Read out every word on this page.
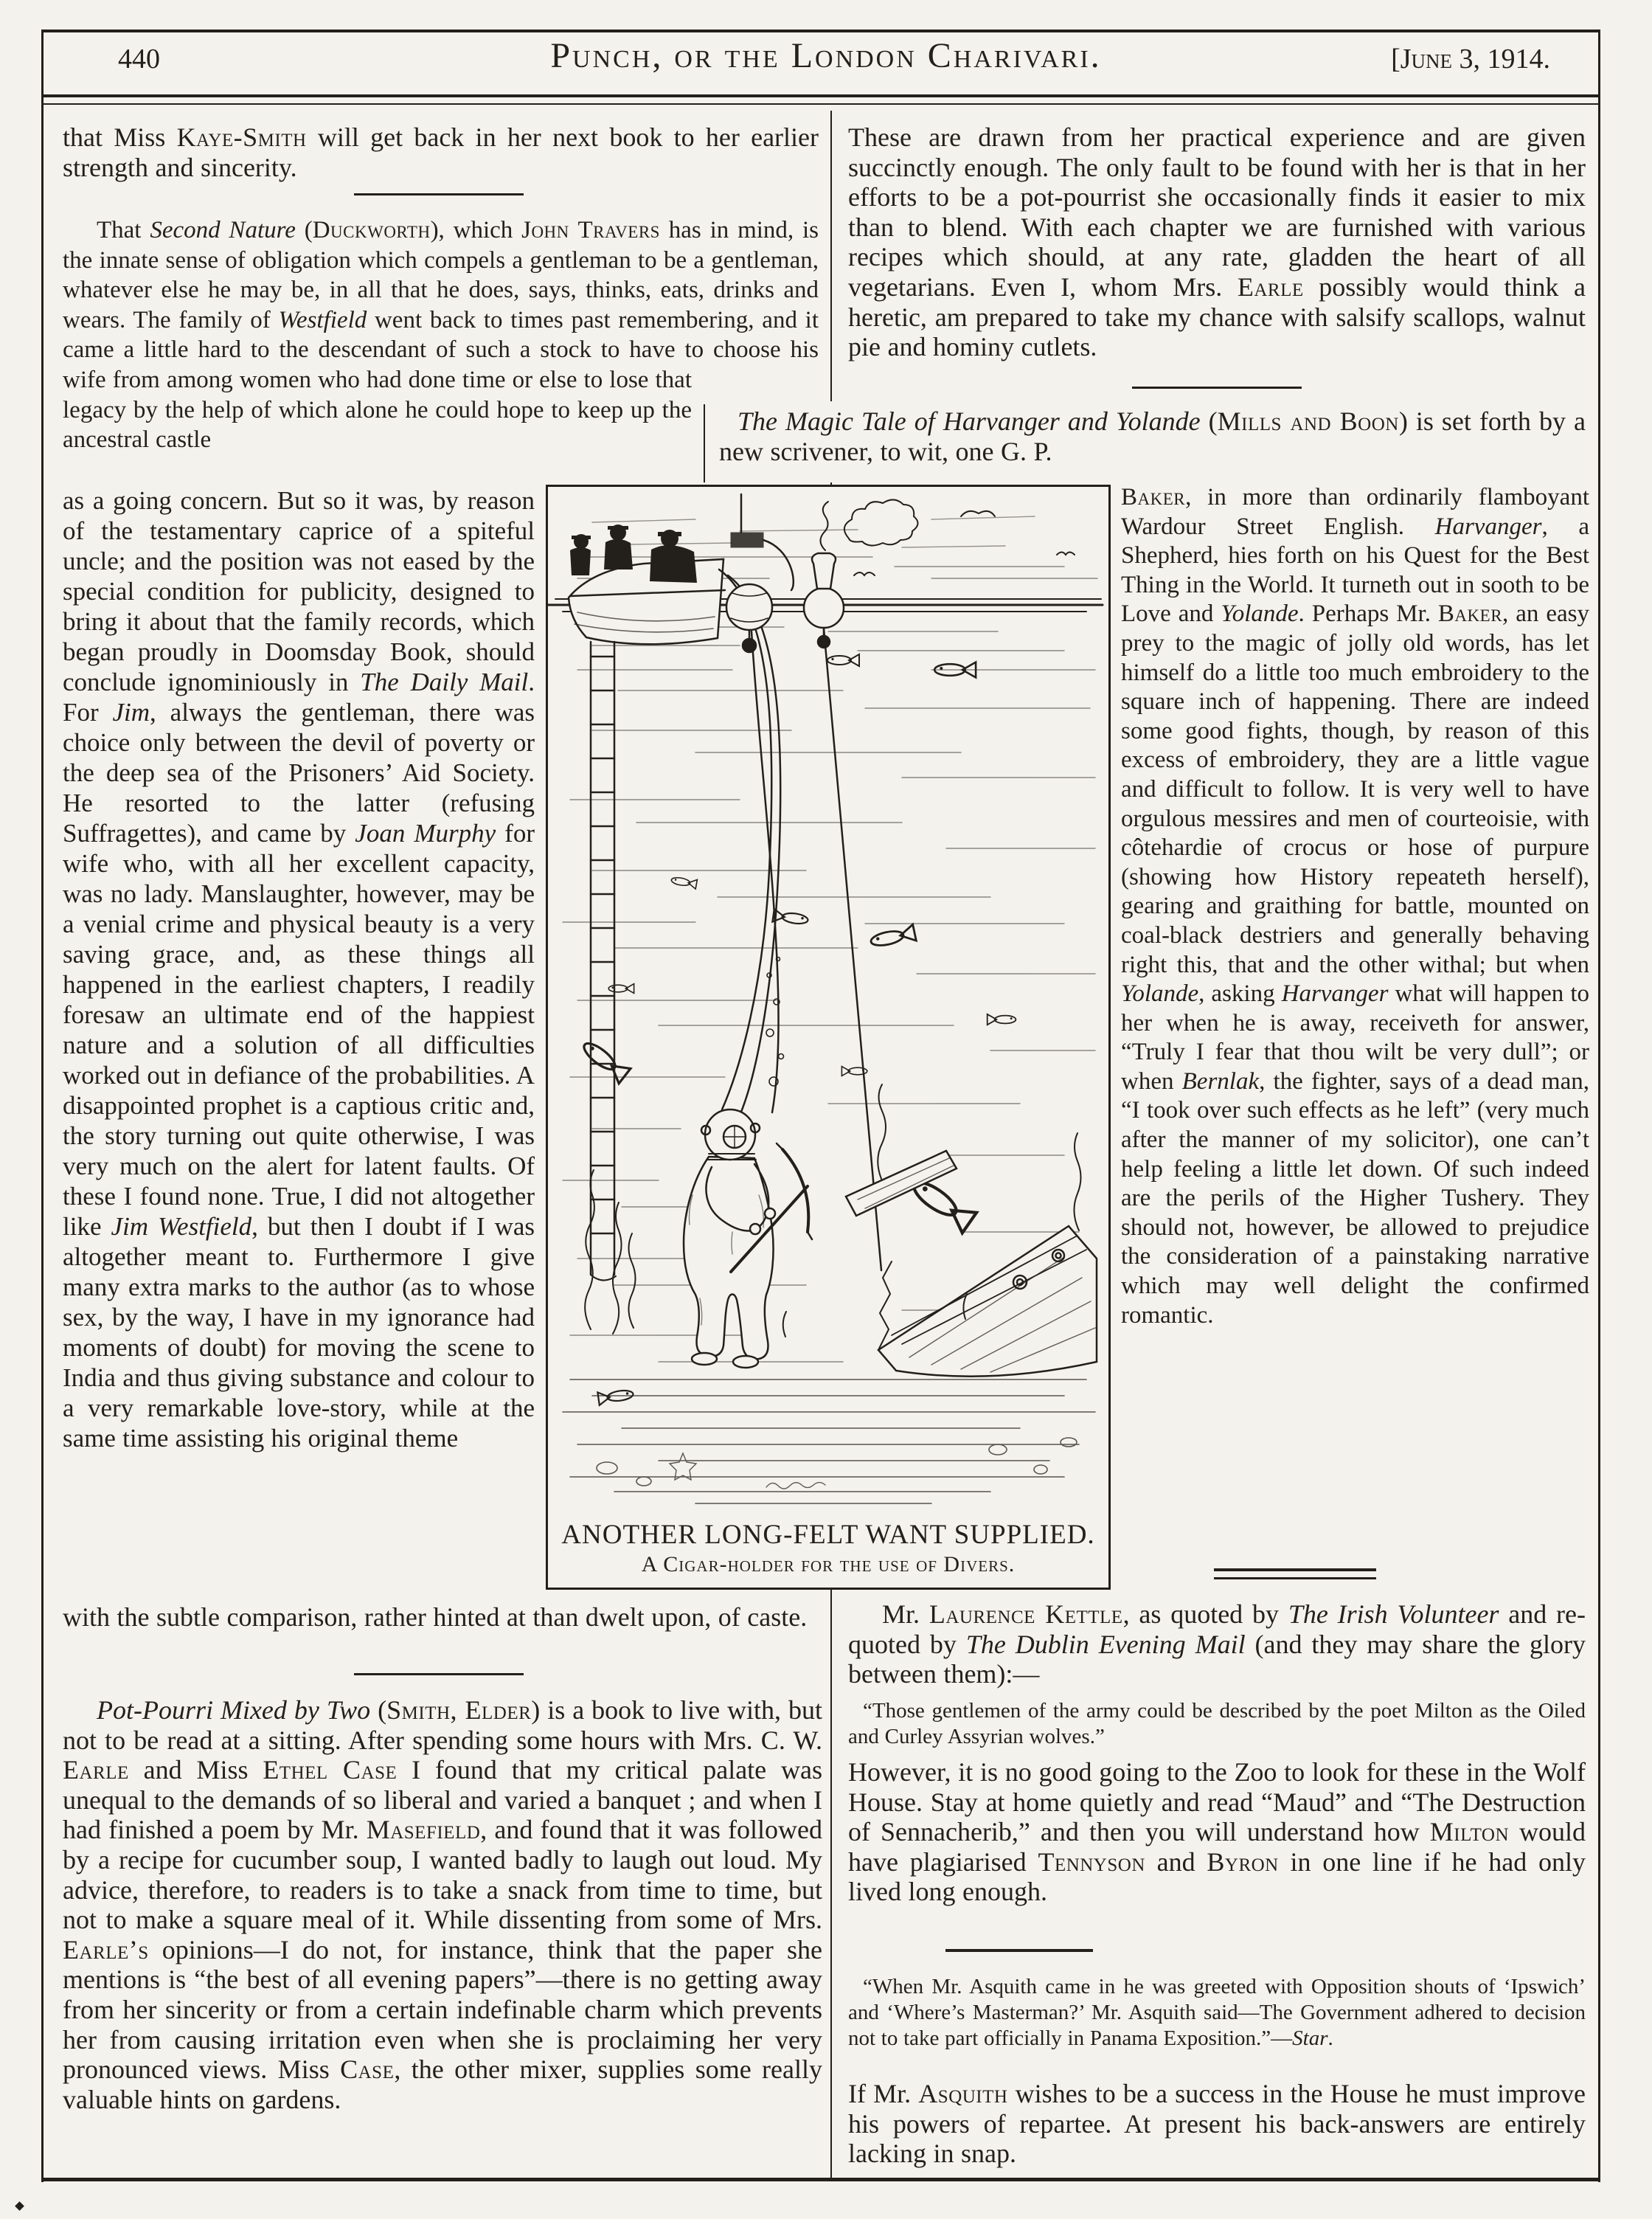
440	Punch, or the London Charivari.	[June 3, 1914.
that Miss Kaye-Smith will get back in her next book to her earlier strength and sincerity.
That Second Nature (Duckworth), which John Travers has in mind, is the innate sense of obligation which compels a gentleman to be a gentleman, whatever else he may be, in all that he does, says, thinks, eats, drinks and wears. The family of Westfield went back to times past remembering, and it came a little hard to the descendant of such a stock to have to choose his wife from among women who
had done time or else to lose that legacy by the help of which alone he could hope to keep up the ancestral castle
as a going concern. But so it was, by reason of the testamentary caprice of a spiteful uncle; and the position was not eased by the special condition for publicity, designed to bring it about that the family records, which began proudly in Doomsday Book, should conclude ignominiously in The Daily Mail. For Jim, always the gentleman, there was choice only between the devil of poverty or the deep sea of the Prisoners’ Aid Society. He resorted to the latter (refusing Suffragettes), and came by Joan Murphy for wife who, with all her excellent capacity, was no lady. Manslaughter, however, may be a venial crime and physical beauty is a very saving grace, and, as these things all happened in the earliest chapters, I readily foresaw an ultimate end of the happiest nature and a solution of all difficulties worked out in defiance of the probabilities. A disappointed prophet is a captious critic and, the story turning out quite otherwise, I was very much on the alert for latent faults. Of these I found none. True, I did not altogether like Jim Westfield, but then I doubt if I was altogether meant to. Furthermore I give many extra marks to the author (as to whose sex, by the way, I have in my ignorance had moments of doubt) for moving the scene to India and thus giving substance and colour to a very remarkable love-story, while at the same time assisting his original theme
with the subtle comparison, rather hinted at than dwelt upon, of caste.
Pot-Pourri Mixed by Two (Smith, Elder) is a book to live with, but not to be read at a sitting. After spending some hours with Mrs. C. W. Earle and Miss Ethel Case I found that my critical palate was unequal to the demands of so liberal and varied a banquet ; and when I had finished a poem by Mr. Masefield, and found that it was followed by a recipe for cucumber soup, I wanted badly to laugh out loud. My advice, therefore, to readers is to take a snack from time to time, but not to make a square meal of it. While dissenting from some of Mrs. Earle’s opinions—I do not, for instance, think that the paper she mentions is “the best of all evening papers”—there is no getting away from her sincerity or from a certain indefinable charm which prevents her from causing irritation even when she is proclaiming her very pronounced views. Miss Case, the other mixer, supplies some really valuable hints on gardens.
These are drawn from her practical experience and are given succinctly enough. The only fault to be found with her is that in her efforts to be a pot-pourrist she occasionally finds it easier to mix than to blend. With each chapter we are furnished with various recipes which should, at any rate, gladden the heart of all vegetarians. Even I, whom Mrs. Earle possibly would think a heretic, am prepared to take my chance with salsify scallops, walnut pie and hominy cutlets.
The Magic Tale of Harvanger and Yolande (Mills and Boon) is set forth by a new scrivener, to wit, one G. P.
Baker, in more than ordinarily flamboyant Wardour Street English. Harvanger, a Shepherd, hies forth on his Quest for the Best Thing in the World. It turneth out in sooth to be Love and Yolande. Perhaps Mr. Baker, an easy prey to the magic of jolly old words, has let himself do a little too much embroidery to the square inch of happening. There are indeed some good fights, though, by reason of this excess of embroidery, they are a little vague and difficult to follow. It is very well to have orgulous messires and men of courteoisie, with côtehardie of crocus or hose of purpure (showing how History repeateth herself), gearing and graithing for battle, mounted on coal-black destriers and generally behaving right this, that and the other withal; but when Yolande, asking Harvanger what will happen to her when he is away, receiveth for answer, “Truly I fear that thou wilt be very dull”; or when Bernlak, the fighter, says of a dead man, “I took over such effects as he left” (very much after the manner of my solicitor), one can’t help feeling a little let down. Of such indeed are the perils of the Higher Tushery. They should not, however, be allowed to prejudice the consideration of a painstaking narrative which may well delight the confirmed romantic.
Mr. Laurence Kettle, as quoted by The Irish Volunteer and re-quoted by The Dublin Evening Mail (and they may share the glory between them):—
“Those gentlemen of the army could be described by the poet Milton as the Oiled and Curley Assyrian wolves.”
However, it is no good going to the Zoo to look for these in the Wolf House. Stay at home quietly and read “Maud” and “The Destruction of Sennacherib,” and then you will understand how Milton would have plagiarised Tennyson and Byron in one line if he had only lived long enough.
“When Mr. Asquith came in he was greeted with Opposition shouts of ‘Ipswich’ and ‘Where’s Masterman?’ Mr. Asquith said—The Government adhered to decision not to take part officially in Panama Exposition.”—Star.
If Mr. Asquith wishes to be a success in the House he must improve his powers of repartee. At present his back-answers are entirely lacking in snap.
ANOTHER LONG-FELT WANT SUPPLIED.
A Cigar-holder for the use of Divers.
